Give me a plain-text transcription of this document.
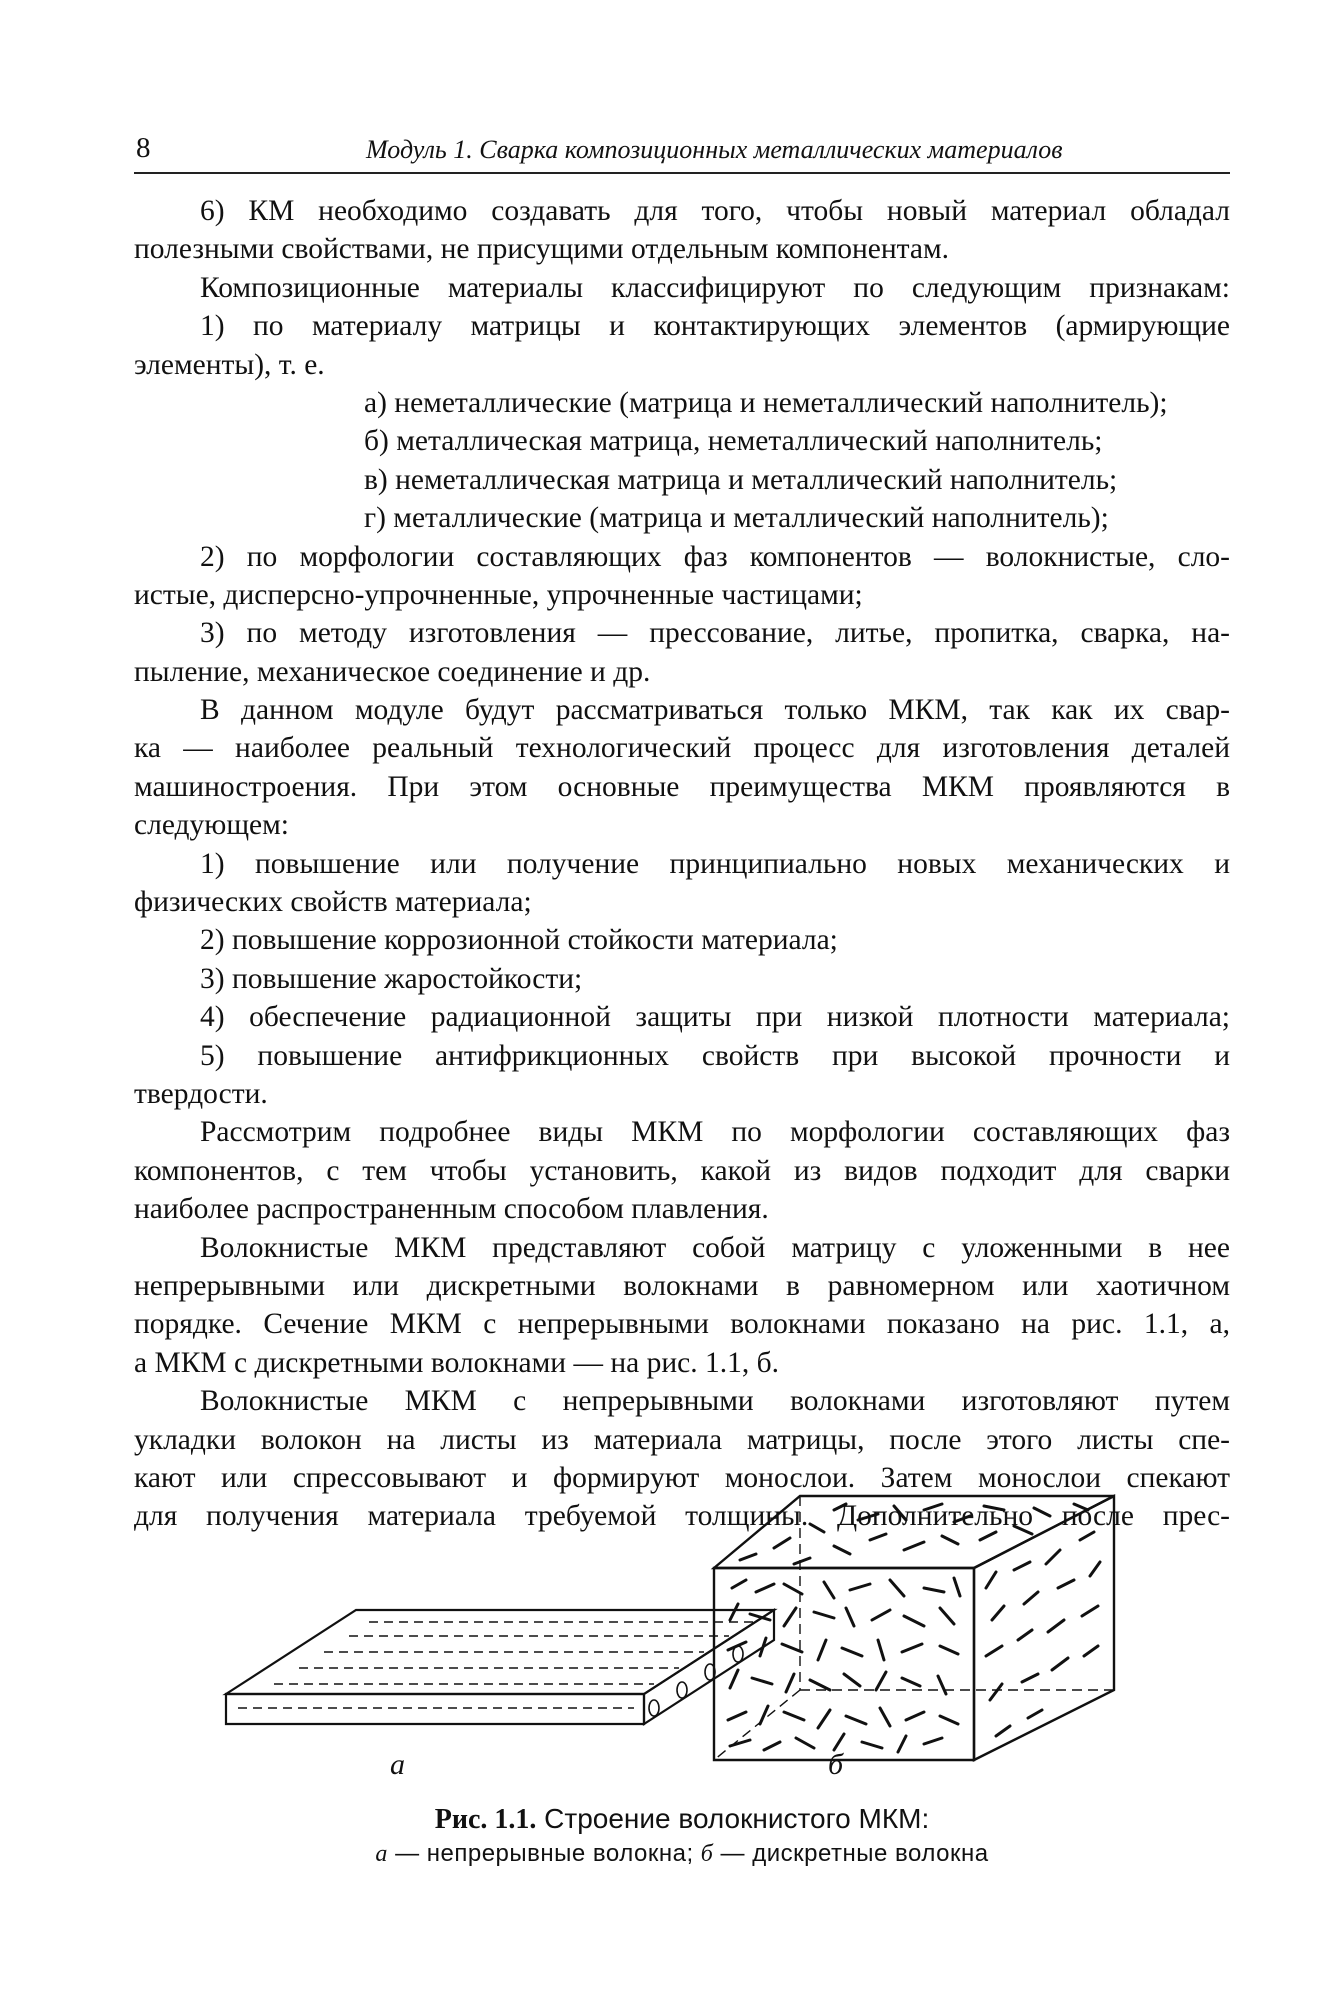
8	Модуль 1. Сварка композиционных металлических материалов
6) КМ необходимо создавать для того, чтобы новый материал обладал
полезными свойствами, не присущими отдельным компонентам.
Композиционные материалы классифицируют по следующим признакам:
1) по материалу матрицы и контактирующих элементов (армирующие
элементы), т. е.
а) неметаллические (матрица и неметаллический наполнитель);
б) металлическая матрица, неметаллический наполнитель;
в) неметаллическая матрица и металлический наполнитель;
г) металлические (матрица и металлический наполнитель);
2) по морфологии составляющих фаз компонентов — волокнистые, сло-
истые, дисперсно-упрочненные, упрочненные частицами;
3) по методу изготовления — прессование, литье, пропитка, сварка, на-
пыление, механическое соединение и др.
В данном модуле будут рассматриваться только МКМ, так как их свар-
ка — наиболее реальный технологический процесс для изготовления деталей
машиностроения. При этом основные преимущества МКМ проявляются в
следующем:
1) повышение или получение принципиально новых механических и
физических свойств материала;
2) повышение коррозионной стойкости материала;
3) повышение жаростойкости;
4) обеспечение радиационной защиты при низкой плотности материала;
5) повышение антифрикционных свойств при высокой прочности и
твердости.
Рассмотрим подробнее виды МКМ по морфологии составляющих фаз
компонентов, с тем чтобы установить, какой из видов подходит для сварки
наиболее распространенным способом плавления.
Волокнистые МКМ представляют собой матрицу с уложенными в нее
непрерывными или дискретными волокнами в равномерном или хаотичном
порядке. Сечение МКМ с непрерывными волокнами показано на рис. 1.1, а,
а МКМ с дискретными волокнами — на рис. 1.1, б.
Волокнистые МКМ с непрерывными волокнами изготовляют путем
укладки волокон на листы из материала матрицы, после этого листы спе-
кают или спрессовывают и формируют монослои. Затем монослои спекают
для получения материала требуемой толщины. Дополнительно после прес-
а	б
Рис. 1.1. Строение волокнистого МКМ:
а — непрерывные волокна; б — дискретные волокна
